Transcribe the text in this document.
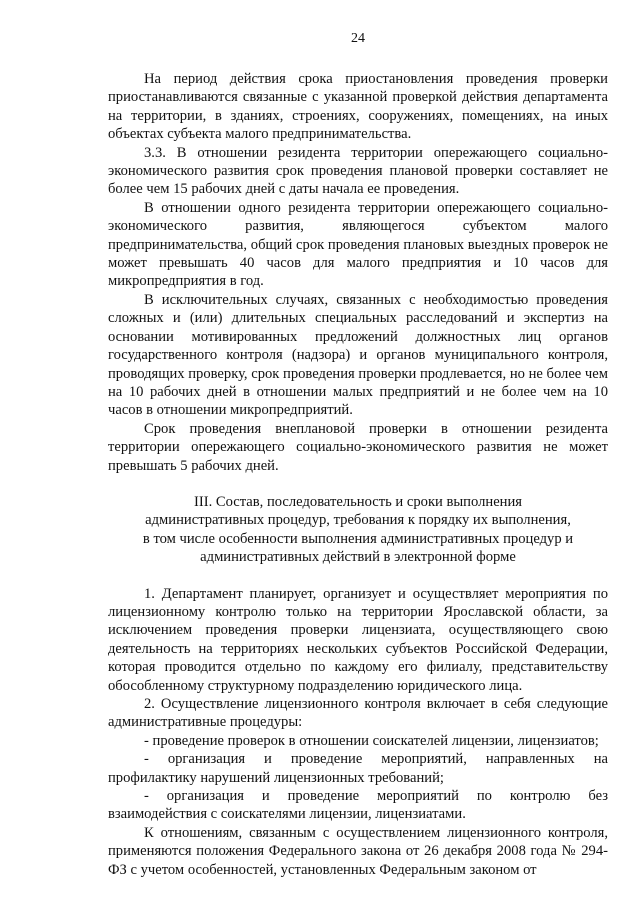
24

На период действия срока приостановления проведения проверки приостанавливаются связанные с указанной проверкой действия департамента на территории, в зданиях, строениях, сооружениях, помещениях, на иных объектах субъекта малого предпринимательства.

3.3. В отношении резидента территории опережающего социально-экономического развития срок проведения плановой проверки составляет не более чем 15 рабочих дней с даты начала ее проведения.

В отношении одного резидента территории опережающего социально-экономического развития, являющегося субъектом малого предпринимательства, общий срок проведения плановых выездных проверок не может превышать 40 часов для малого предприятия и 10 часов для микропредприятия в год.

В исключительных случаях, связанных с необходимостью проведения сложных и (или) длительных специальных расследований и экспертиз на основании мотивированных предложений должностных лиц органов государственного контроля (надзора) и органов муниципального контроля, проводящих проверку, срок проведения проверки продлевается, но не более чем на 10 рабочих дней в отношении малых предприятий и не более чем на 10 часов в отношении микропредприятий.

Срок проведения внеплановой проверки в отношении резидента территории опережающего социально-экономического развития не может превышать 5 рабочих дней.

III. Состав, последовательность и сроки выполнения
административных процедур, требования к порядку их выполнения,
в том числе особенности выполнения административных процедур и
административных действий в электронной форме

1. Департамент планирует, организует и осуществляет мероприятия по лицензионному контролю только на территории Ярославской области, за исключением проведения проверки лицензиата, осуществляющего свою деятельность на территориях нескольких субъектов Российской Федерации, которая проводится отдельно по каждому его филиалу, представительству обособленному структурному подразделению юридического лица.

2. Осуществление лицензионного контроля включает в себя следующие административные процедуры:

- проведение проверок в отношении соискателей лицензии, лицензиатов;

- организация и проведение мероприятий, направленных на профилактику нарушений лицензионных требований;

- организация и проведение мероприятий по контролю без взаимодействия с соискателями лицензии, лицензиатами.

К отношениям, связанным с осуществлением лицензионного контроля, применяются положения Федерального закона от 26 декабря 2008 года № 294-ФЗ с учетом особенностей, установленных Федеральным законом от
